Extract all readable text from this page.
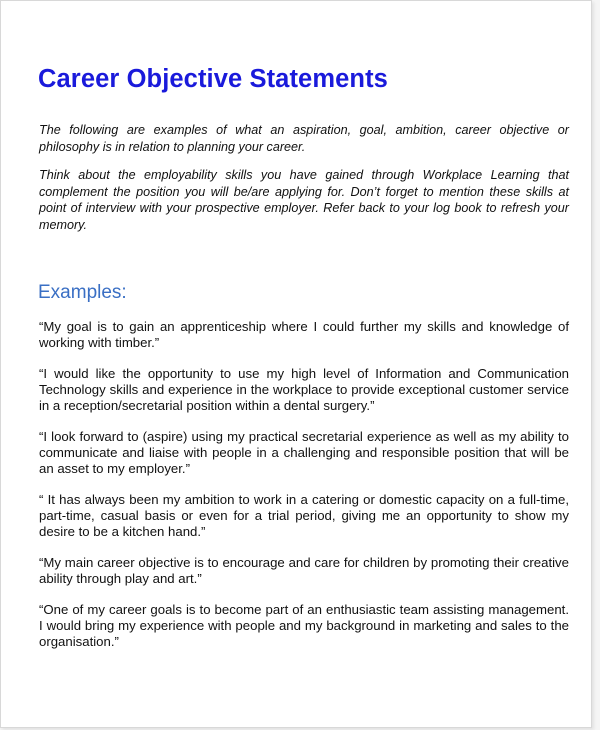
Career Objective Statements

The following are examples of what an aspiration, goal, ambition, career objective or philosophy is in relation to planning your career.

Think about the employability skills you have gained through Workplace Learning that complement the position you will be/are applying for. Don’t forget to mention these skills at point of interview with your prospective employer. Refer back to your log book to refresh your memory.

Examples:
“My goal is to gain an apprenticeship where I could further my skills and knowledge of working with timber.”
“I would like the opportunity to use my high level of Information and Communication Technology skills and experience in the workplace to provide exceptional customer service in a reception/secretarial position within a dental surgery.”
“I look forward to (aspire) using my practical secretarial experience as well as my ability to communicate and liaise with people in a challenging and responsible position that will be an asset to my employer.”
“ It has always been my ambition to work in a catering or domestic capacity on a full-time, part-time, casual basis or even for a trial period, giving me an opportunity to show my desire to be a kitchen hand.”
“My main career objective is to encourage and care for children by promoting their creative ability through play and art.”
“One of my career goals is to become part of an enthusiastic team assisting management. I would bring my experience with people and my background in marketing and sales to the organisation.”
